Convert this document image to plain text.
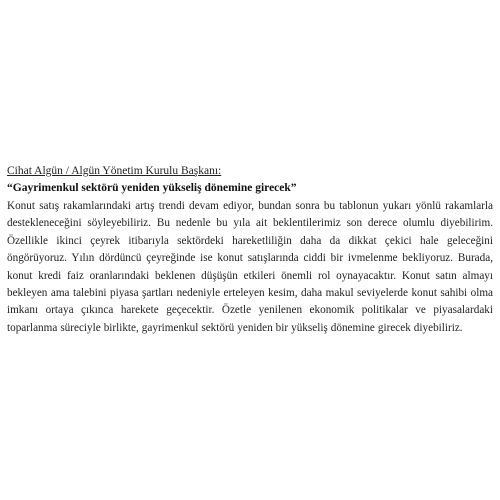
Cihat Algün / Algün Yönetim Kurulu Başkanı:
“Gayrimenkul sektörü yeniden yükseliş dönemine girecek”

Konut satış rakamlarındaki artış trendi devam ediyor, bundan sonra bu tablonun yukarı yönlü rakamlarla destekleneceğini söyleyebiliriz. Bu nedenle bu yıla ait beklentilerimiz son derece olumlu diyebilirim. Özellikle ikinci çeyrek itibarıyla sektördeki hareketliliğin daha da dikkat çekici hale geleceğini öngörüyoruz. Yılın dördüncü çeyreğinde ise konut satışlarında ciddi bir ivmelenme bekliyoruz. Burada, konut kredi faiz oranlarındaki beklenen düşüşün etkileri önemli rol oynayacaktır. Konut satın almayı bekleyen ama talebini piyasa şartları nedeniyle erteleyen kesim, daha makul seviyelerde konut sahibi olma imkanı ortaya çıkınca harekete geçecektir. Özetle yenilenen ekonomik politikalar ve piyasalardaki toparlanma süreciyle birlikte, gayrimenkul sektörü yeniden bir yükseliş dönemine girecek diyebiliriz.
